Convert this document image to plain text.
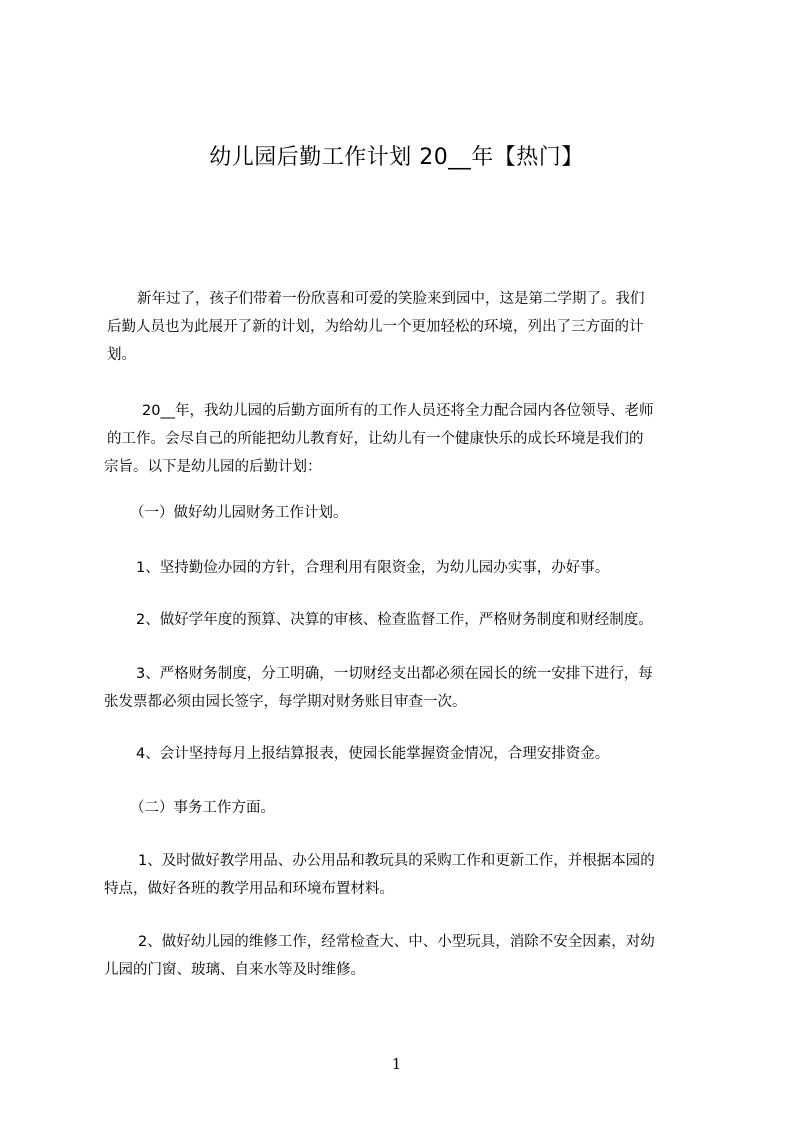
幼儿园后勤工作计划 20__年【热门】
新年过了，孩子们带着一份欣喜和可爱的笑脸来到园中，这是第二学期了。我们
后勤人员也为此展开了新的计划，为给幼儿一个更加轻松的环境，列出了三方面的计
划。
20__年，我幼儿园的后勤方面所有的工作人员还将全力配合园内各位领导、老师
的工作。会尽自己的所能把幼儿教育好，让幼儿有一个健康快乐的成长环境是我们的
宗旨。以下是幼儿园的后勤计划：
（一）做好幼儿园财务工作计划。
1、坚持勤俭办园的方针，合理利用有限资金，为幼儿园办实事，办好事。
2、做好学年度的预算、决算的审核、检查监督工作，严格财务制度和财经制度。
3、严格财务制度，分工明确，一切财经支出都必须在园长的统一安排下进行，每
张发票都必须由园长签字，每学期对财务账目审查一次。
4、会计坚持每月上报结算报表，使园长能掌握资金情况，合理安排资金。
（二）事务工作方面。
1、及时做好教学用品、办公用品和教玩具的采购工作和更新工作，并根据本园的
特点，做好各班的教学用品和环境布置材料。
2、做好幼儿园的维修工作，经常检查大、中、小型玩具，消除不安全因素，对幼
儿园的门窗、玻璃、自来水等及时维修。
1
